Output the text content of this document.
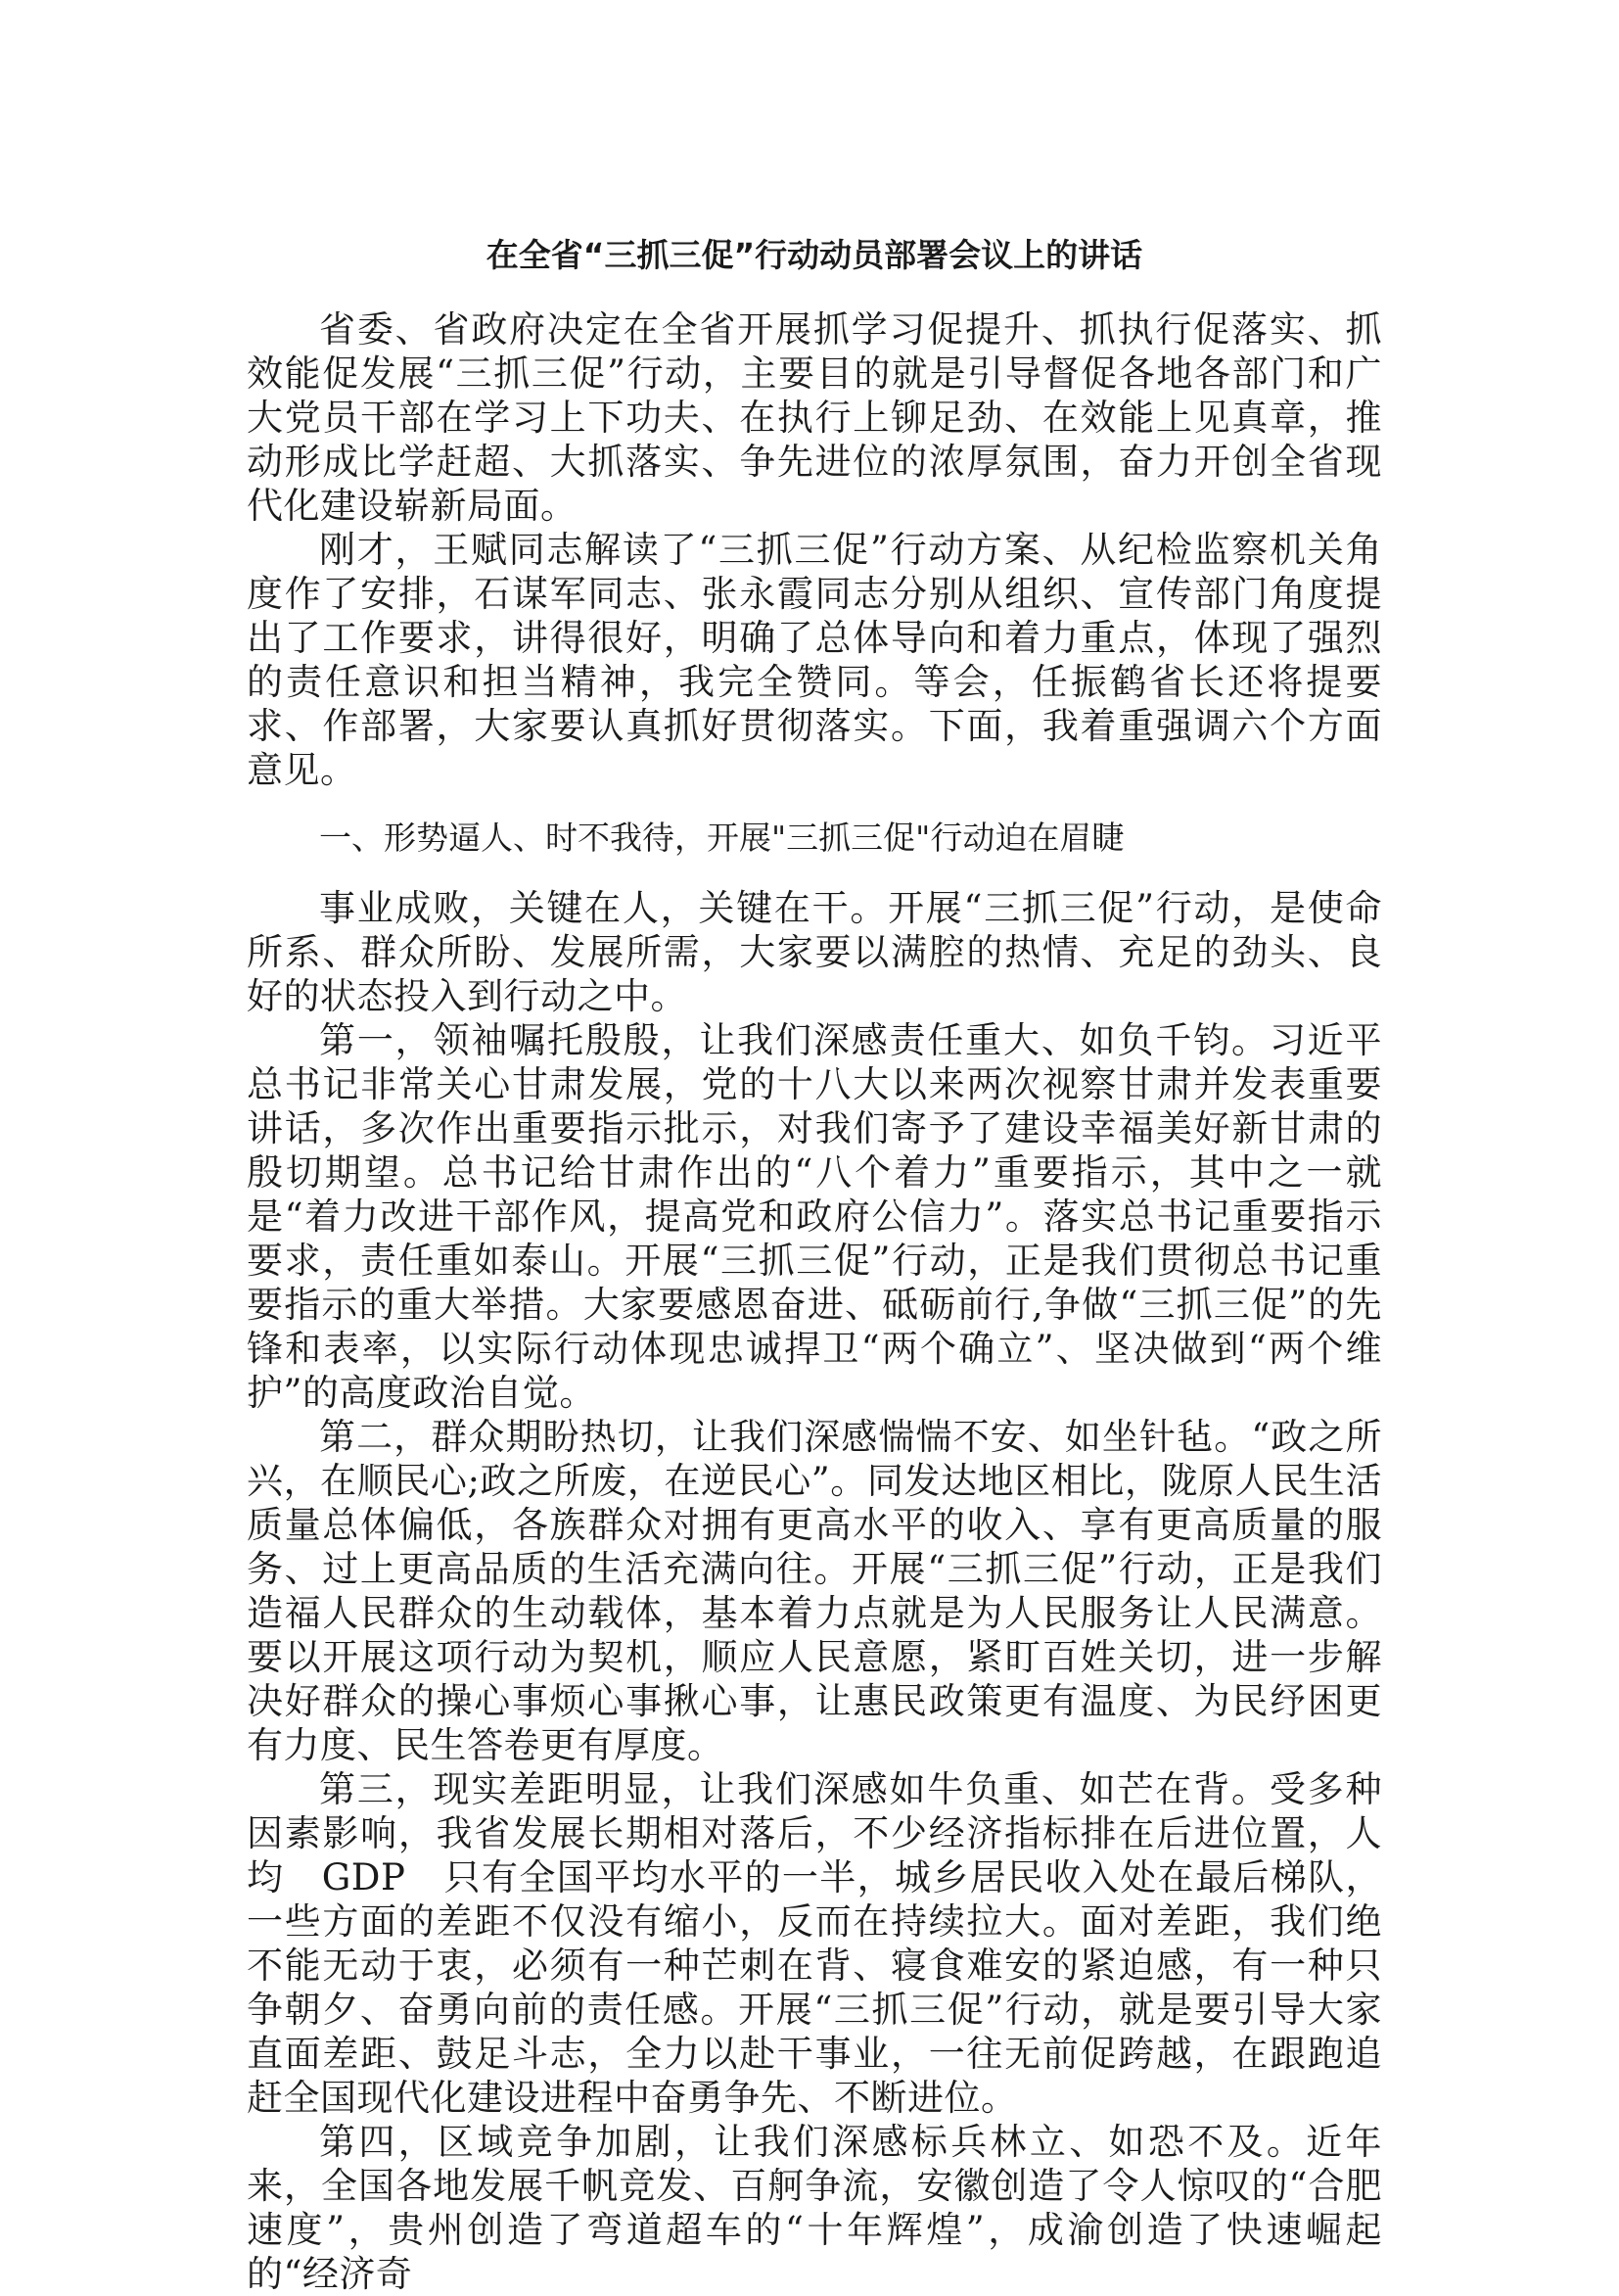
在全省“三抓三促”行动动员部署会议上的讲话

省委、省政府决定在全省开展抓学习促提升、抓执行促落实、抓效能促发展“三抓三促”行动，主要目的就是引导督促各地各部门和广大党员干部在学习上下功夫、在执行上铆足劲、在效能上见真章，推动形成比学赶超、大抓落实、争先进位的浓厚氛围，奋力开创全省现代化建设崭新局面。

刚才，王赋同志解读了“三抓三促”行动方案、从纪检监察机关角度作了安排，石谋军同志、张永霞同志分别从组织、宣传部门角度提出了工作要求，讲得很好，明确了总体导向和着力重点，体现了强烈的责任意识和担当精神，我完全赞同。等会，任振鹤省长还将提要求、作部署，大家要认真抓好贯彻落实。下面，我着重强调六个方面意见。

一、形势逼人、时不我待，开展"三抓三促"行动迫在眉睫

事业成败，关键在人，关键在干。开展“三抓三促”行动，是使命所系、群众所盼、发展所需，大家要以满腔的热情、充足的劲头、良好的状态投入到行动之中。

第一，领袖嘱托殷殷，让我们深感责任重大、如负千钧。习近平总书记非常关心甘肃发展，党的十八大以来两次视察甘肃并发表重要讲话，多次作出重要指示批示，对我们寄予了建设幸福美好新甘肃的殷切期望。总书记给甘肃作出的“八个着力”重要指示，其中之一就是“着力改进干部作风，提高党和政府公信力”。落实总书记重要指示要求，责任重如泰山。开展“三抓三促”行动，正是我们贯彻总书记重要指示的重大举措。大家要感恩奋进、砥砺前行,争做“三抓三促”的先锋和表率，以实际行动体现忠诚捍卫“两个确立”、坚决做到“两个维护”的高度政治自觉。

第二，群众期盼热切，让我们深感惴惴不安、如坐针毡。“政之所兴，在顺民心;政之所废，在逆民心”。同发达地区相比，陇原人民生活质量总体偏低，各族群众对拥有更高水平的收入、享有更高质量的服务、过上更高品质的生活充满向往。开展“三抓三促”行动，正是我们造福人民群众的生动载体，基本着力点就是为人民服务让人民满意。要以开展这项行动为契机，顺应人民意愿，紧盯百姓关切，进一步解决好群众的操心事烦心事揪心事，让惠民政策更有温度、为民纾困更有力度、民生答卷更有厚度。

第三，现实差距明显，让我们深感如牛负重、如芒在背。受多种因素影响，我省发展长期相对落后，不少经济指标排在后进位置，人均　GDP　只有全国平均水平的一半，城乡居民收入处在最后梯队，一些方面的差距不仅没有缩小，反而在持续拉大。面对差距，我们绝不能无动于衷，必须有一种芒刺在背、寝食难安的紧迫感，有一种只争朝夕、奋勇向前的责任感。开展“三抓三促”行动，就是要引导大家直面差距、鼓足斗志，全力以赴干事业，一往无前促跨越，在跟跑追赶全国现代化建设进程中奋勇争先、不断进位。

第四，区域竞争加剧，让我们深感标兵林立、如恐不及。近年来，全国各地发展千帆竞发、百舸争流，安徽创造了令人惊叹的“合肥速度”，贵州创造了弯道超车的“十年辉煌”，成渝创造了快速崛起的“经济奇
